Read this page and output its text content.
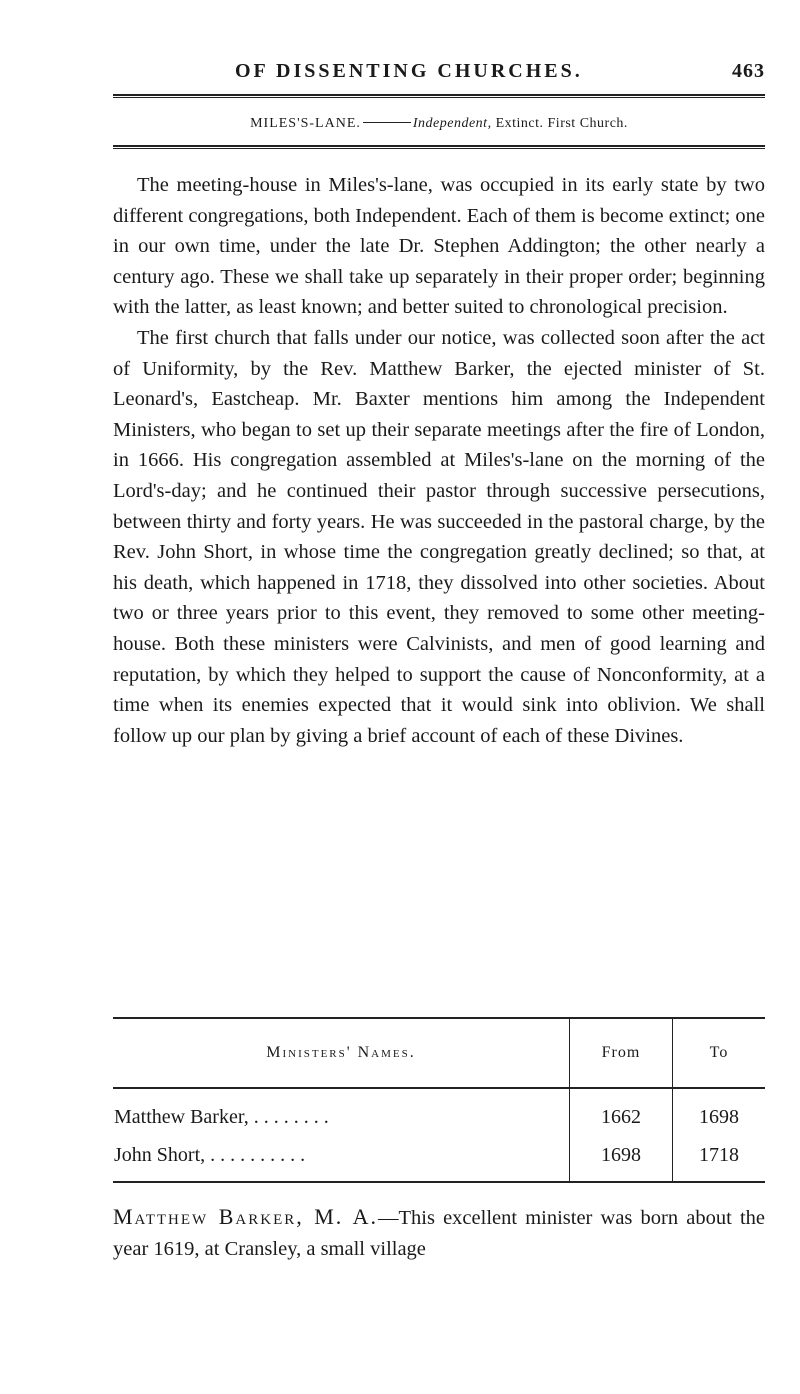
OF DISSENTING CHURCHES.	463
MILES'S-LANE.	Independent, Extinct. First Church.

The meeting-house in Miles's-lane, was occupied in its early state by two different congregations, both Independent. Each of them is become extinct; one in our own time, under the late Dr. Stephen Addington; the other nearly a century ago. These we shall take up separately in their proper order; beginning with the latter, as least known; and better suited to chronological precision.

The first church that falls under our notice, was collected soon after the act of Uniformity, by the Rev. Matthew Barker, the ejected minister of St. Leonard's, Eastcheap. Mr. Baxter mentions him among the Independent Ministers, who began to set up their separate meetings after the fire of London, in 1666. His congregation assembled at Miles's-lane on the morning of the Lord's-day; and he continued their pastor through successive persecutions, between thirty and forty years. He was succeeded in the pastoral charge, by the Rev. John Short, in whose time the congregation greatly declined; so that, at his death, which happened in 1718, they dissolved into other societies. About two or three years prior to this event, they removed to some other meeting-house. Both these ministers were Calvinists, and men of good learning and reputation, by which they helped to support the cause of Nonconformity, at a time when its enemies expected that it would sink into oblivion. We shall follow up our plan by giving a brief account of each of these Divines.

Ministers' Names.	From	To
Matthew Barker, . . . . . . . .	1662	1698
John Short, . . . . . . . . . .	1698	1718

Matthew Barker, M. A.—This excellent minister was born about the year 1619, at Cransley, a small village
